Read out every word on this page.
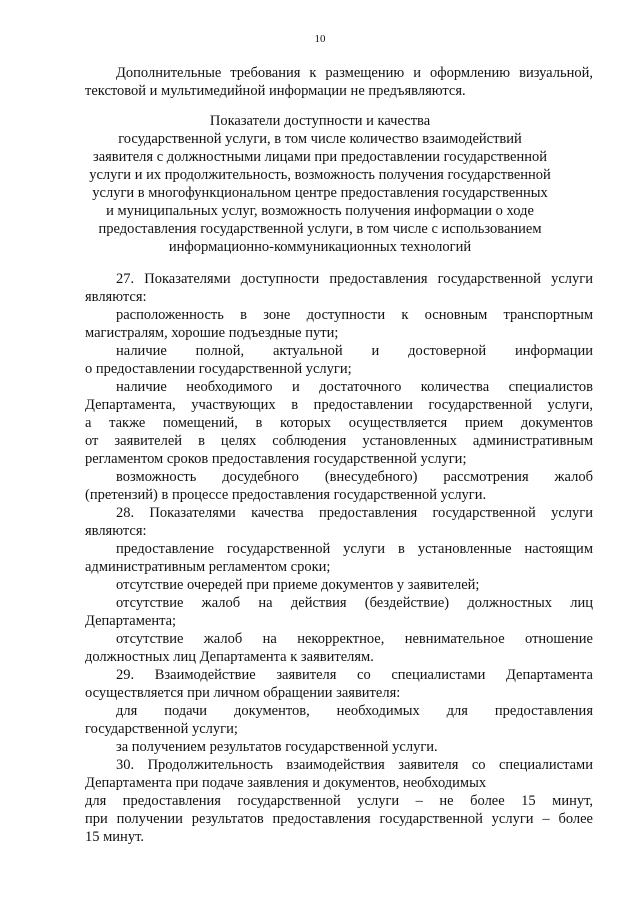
10
Дополнительные требования к размещению и оформлению визуальной,
текстовой и мультимедийной информации не предъявляются.
Показатели доступности и качества
государственной услуги, в том числе количество взаимодействий
заявителя с должностными лицами при предоставлении государственной
услуги и их продолжительность, возможность получения государственной
услуги в многофункциональном центре предоставления государственных
и муниципальных услуг, возможность получения информации о ходе
предоставления государственной услуги, в том числе с использованием
информационно-коммуникационных технологий
27. Показателями доступности предоставления государственной услуги
являются:
расположенность в зоне доступности к основным транспортным
магистралям, хорошие подъездные пути;
наличие полной, актуальной и достоверной информации
о предоставлении государственной услуги;
наличие необходимого и достаточного количества специалистов
Департамента, участвующих в предоставлении государственной услуги,
а также помещений, в которых осуществляется прием документов
от заявителей в целях соблюдения установленных административным
регламентом сроков предоставления государственной услуги;
возможность досудебного (внесудебного) рассмотрения жалоб
(претензий) в процессе предоставления государственной услуги.
28. Показателями качества предоставления государственной услуги
являются:
предоставление государственной услуги в установленные настоящим
административным регламентом сроки;
отсутствие очередей при приеме документов у заявителей;
отсутствие жалоб на действия (бездействие) должностных лиц
Департамента;
отсутствие жалоб на некорректное, невнимательное отношение
должностных лиц Департамента к заявителям.
29. Взаимодействие заявителя со специалистами Департамента
осуществляется при личном обращении заявителя:
для подачи документов, необходимых для предоставления
государственной услуги;
за получением результатов государственной услуги.
30. Продолжительность взаимодействия заявителя со специалистами
Департамента при подаче заявления и документов, необходимых
для предоставления государственной услуги – не более 15 минут,
при получении результатов предоставления государственной услуги – более
15 минут.
